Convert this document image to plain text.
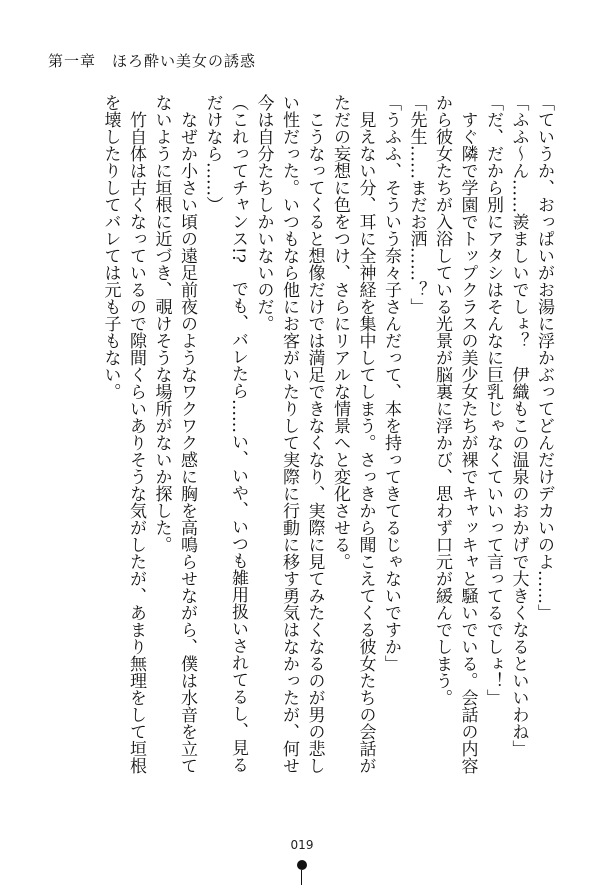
第一章　ほろ酔い美女の誘惑

「ていうか、おっぱいがお湯に浮かぶってどんだけデカいのよ……」

「ふふ～ん……羨ましいでしょ？　伊織もこの温泉のおかげで大きくなるといいわね」

「だ、だから別にアタシはそんなに巨乳じゃなくていいって言ってるでしょ！」

　すぐ隣で学園でトップクラスの美少女たちが裸でキャッキャと騒いでいる。会話の内容

から彼女たちが入浴している光景が脳裏に浮かび、思わず口元が緩んでしまう。

「先生……まだお洒……？」

「うふふ、そういう奈々子さんだって、本を持ってきてるじゃないですか」

　見えない分、耳に全神経を集中してしまう。さっきから聞こえてくる彼女たちの会話が

ただの妄想に色をつけ、さらにリアルな情景へと変化させる。

　こうなってくると想像だけでは満足できなくなり、実際に見てみたくなるのが男の悲し

い性だった。いつもなら他にお客がいたりして実際に行動に移す勇気はなかったが、何せ

今は自分たちしかいないのだ。

（これってチャンス!?　でも、バレたら……い、いや、いつも雑用扱いされてるし、見る

だけなら……）

　なぜか小さい頃の遠足前夜のようなワクワク感に胸を高鳴らせながら、僕は水音を立て

ないように垣根に近づき、覗けそうな場所がないか探した。

　竹自体は古くなっているので隙間くらいありそうな気がしたが、あまり無理をして垣根

を壊したりしてバレては元も子もない。

019
